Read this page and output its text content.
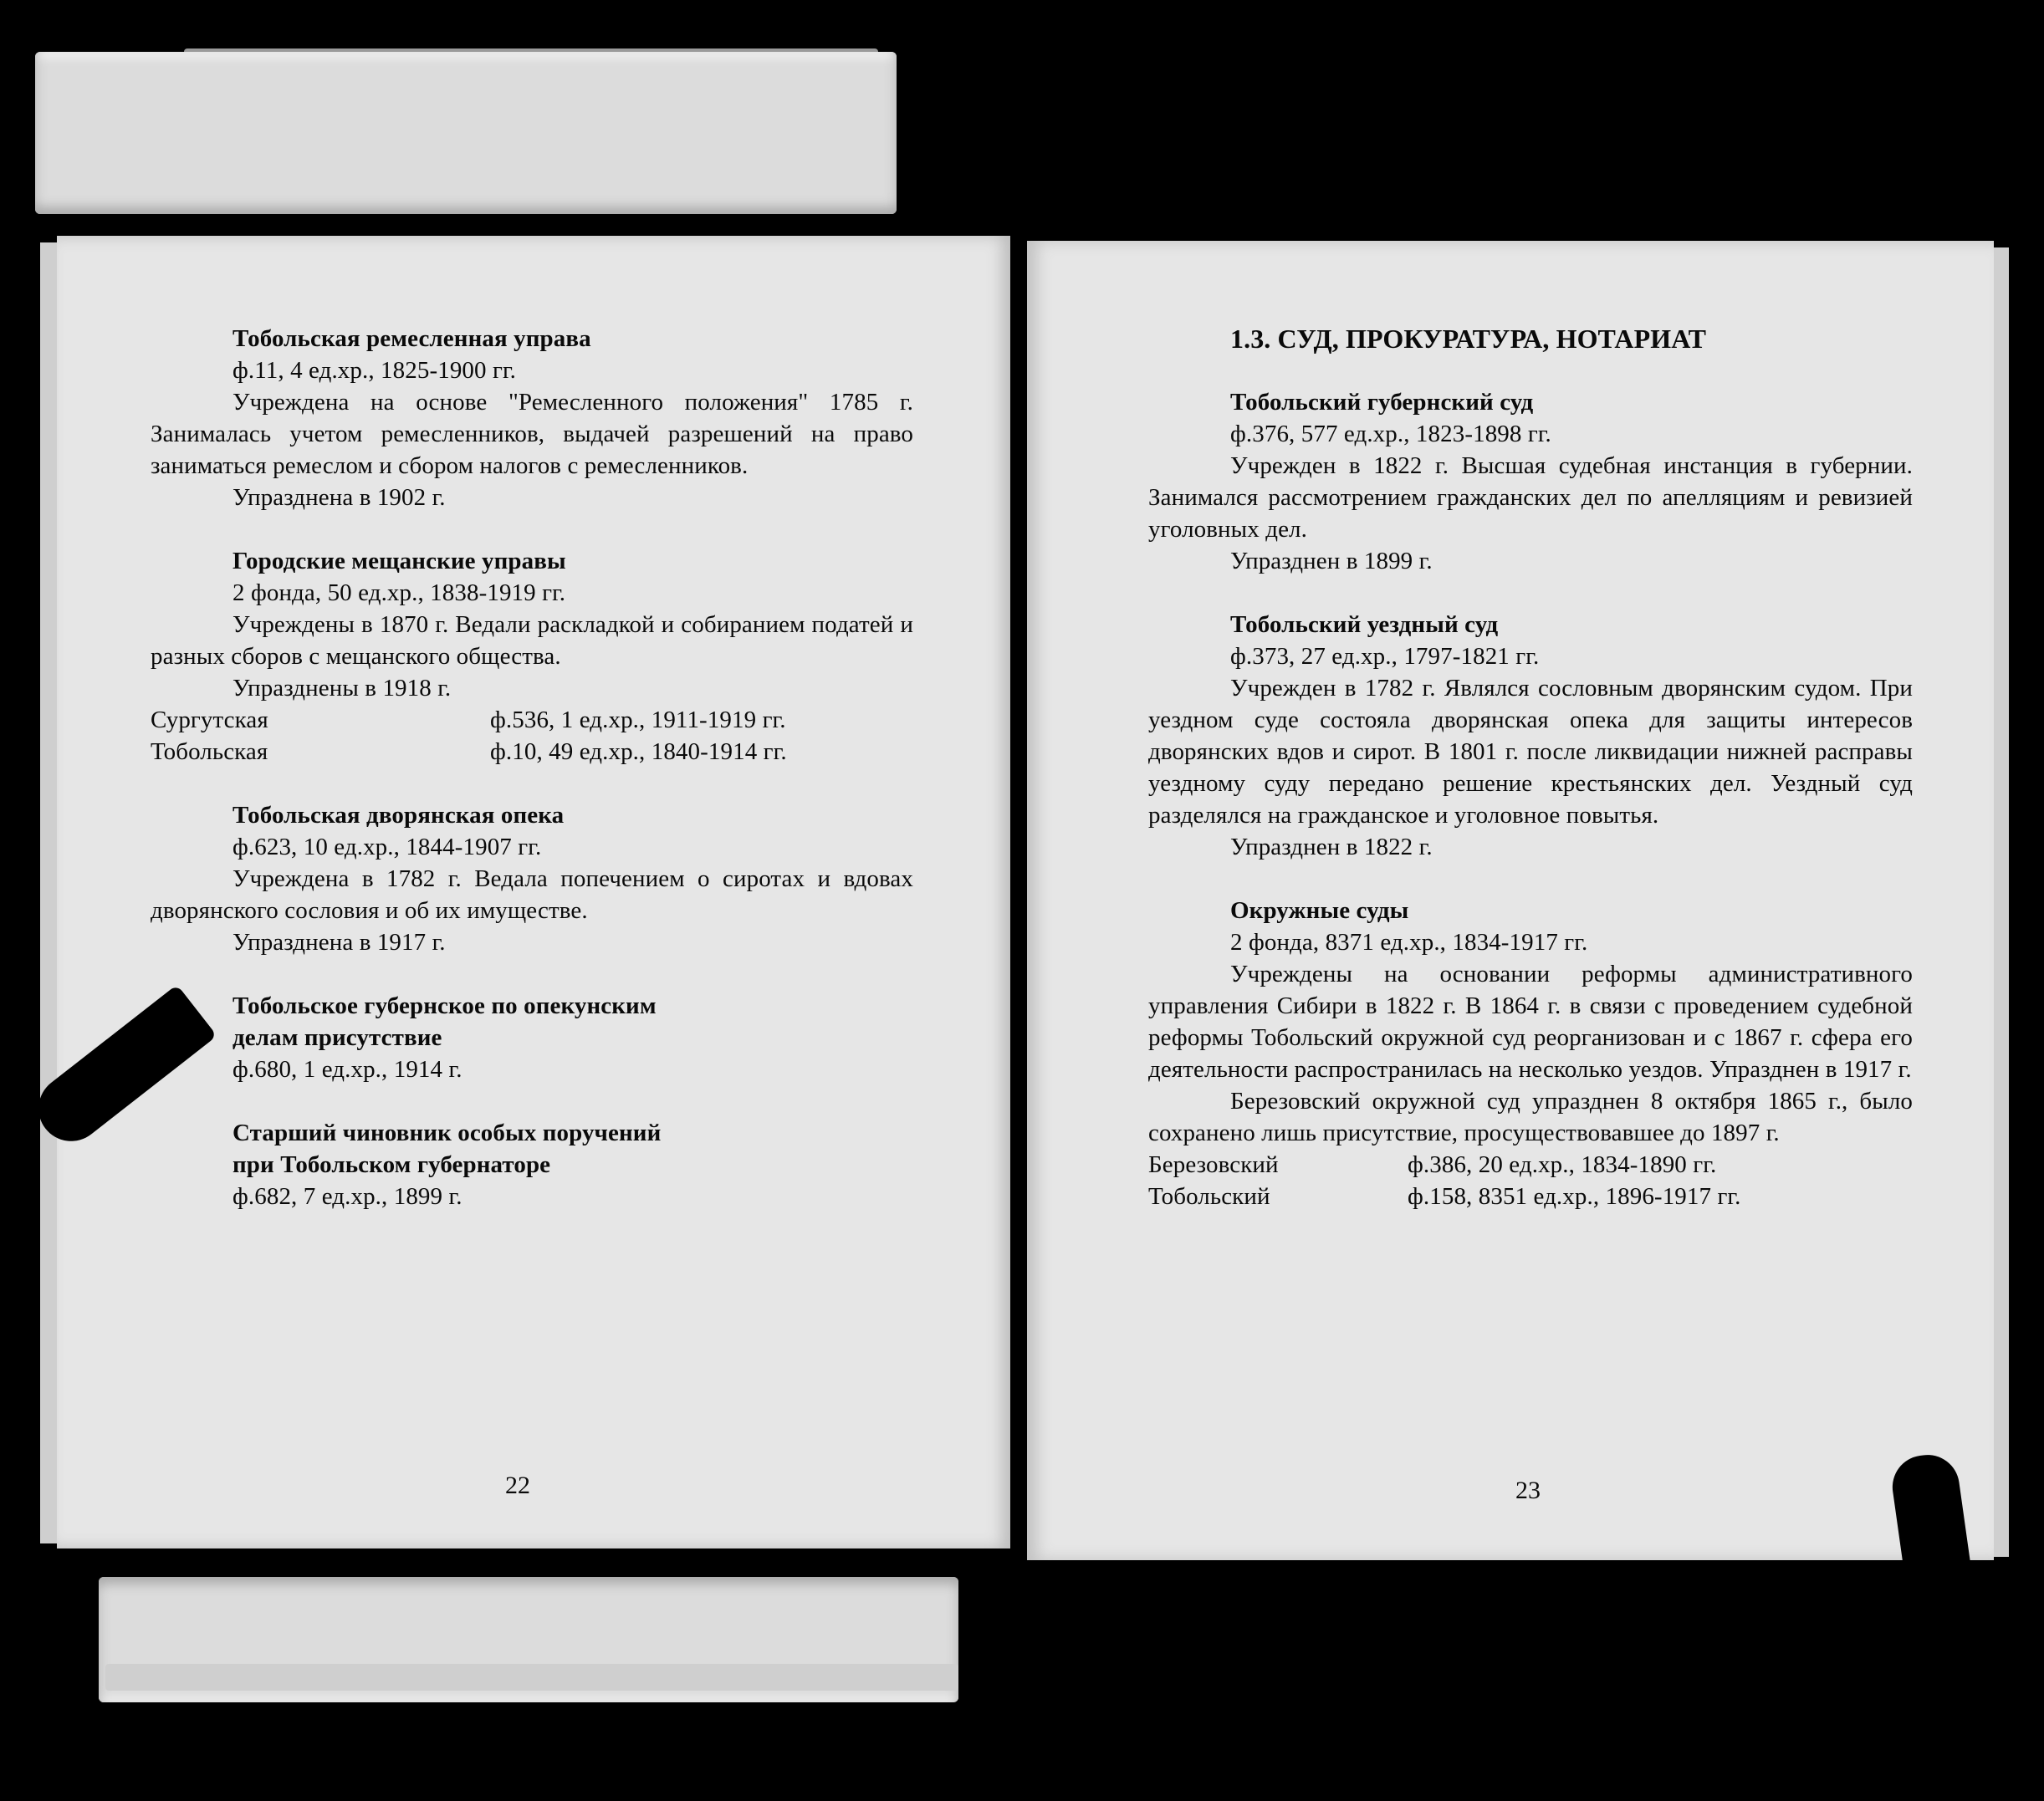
Тобольская ремесленная управа
ф.11, 4 ед.хр., 1825-1900 гг.
Учреждена на основе "Ремесленного положения" 1785 г. Занималась учетом ремесленников, выдачей разрешений на право заниматься ремеслом и сбором налогов с ремесленников.
Упразднена в 1902 г.
Городские мещанские управы
2 фонда, 50 ед.хр., 1838-1919 гг.
Учреждены в 1870 г. Ведали раскладкой и собиранием податей и разных сборов с мещанского общества.
Упразднены в 1918 г.
Сургутская	ф.536, 1 ед.хр., 1911-1919 гг.
Тобольская	ф.10, 49 ед.хр., 1840-1914 гг.
Тобольская дворянская опека
ф.623, 10 ед.хр., 1844-1907 гг.
Учреждена в 1782 г. Ведала попечением о сиротах и вдовах дворянского сословия и об их имуществе.
Упразднена в 1917 г.
Тобольское губернское по опекунским
делам присутствие
ф.680, 1 ед.хр., 1914 г.
Старший чиновник особых поручений
при Тобольском губернаторе
ф.682, 7 ед.хр., 1899 г.
22
1.3. СУД, ПРОКУРАТУРА, НОТАРИАТ
Тобольский губернский суд
ф.376, 577 ед.хр., 1823-1898 гг.
Учрежден в 1822 г. Высшая судебная инстанция в губернии. Занимался рассмотрением гражданских дел по апелляциям и ревизией уголовных дел.
Упразднен в 1899 г.
Тобольский уездный суд
ф.373, 27 ед.хр., 1797-1821 гг.
Учрежден в 1782 г. Являлся сословным дворянским судом. При уездном суде состояла дворянская опека для защиты интересов дворянских вдов и сирот. В 1801 г. после ликвидации нижней расправы уездному суду передано решение крестьянских дел. Уездный суд разделялся на гражданское и уголовное повытья.
Упразднен в 1822 г.
Окружные суды
2 фонда, 8371 ед.хр., 1834-1917 гг.
Учреждены на основании реформы административного управления Сибири в 1822 г. В 1864 г. в связи с проведением судебной реформы Тобольский окружной суд реорганизован и с 1867 г. сфера его деятельности распространилась на несколько уездов. Упразднен в 1917 г.
Березовский окружной суд упразднен 8 октября 1865 г., было сохранено лишь присутствие, просуществовавшее до 1897 г.
Березовский	ф.386, 20 ед.хр., 1834-1890 гг.
Тобольский	ф.158, 8351 ед.хр., 1896-1917 гг.
23
